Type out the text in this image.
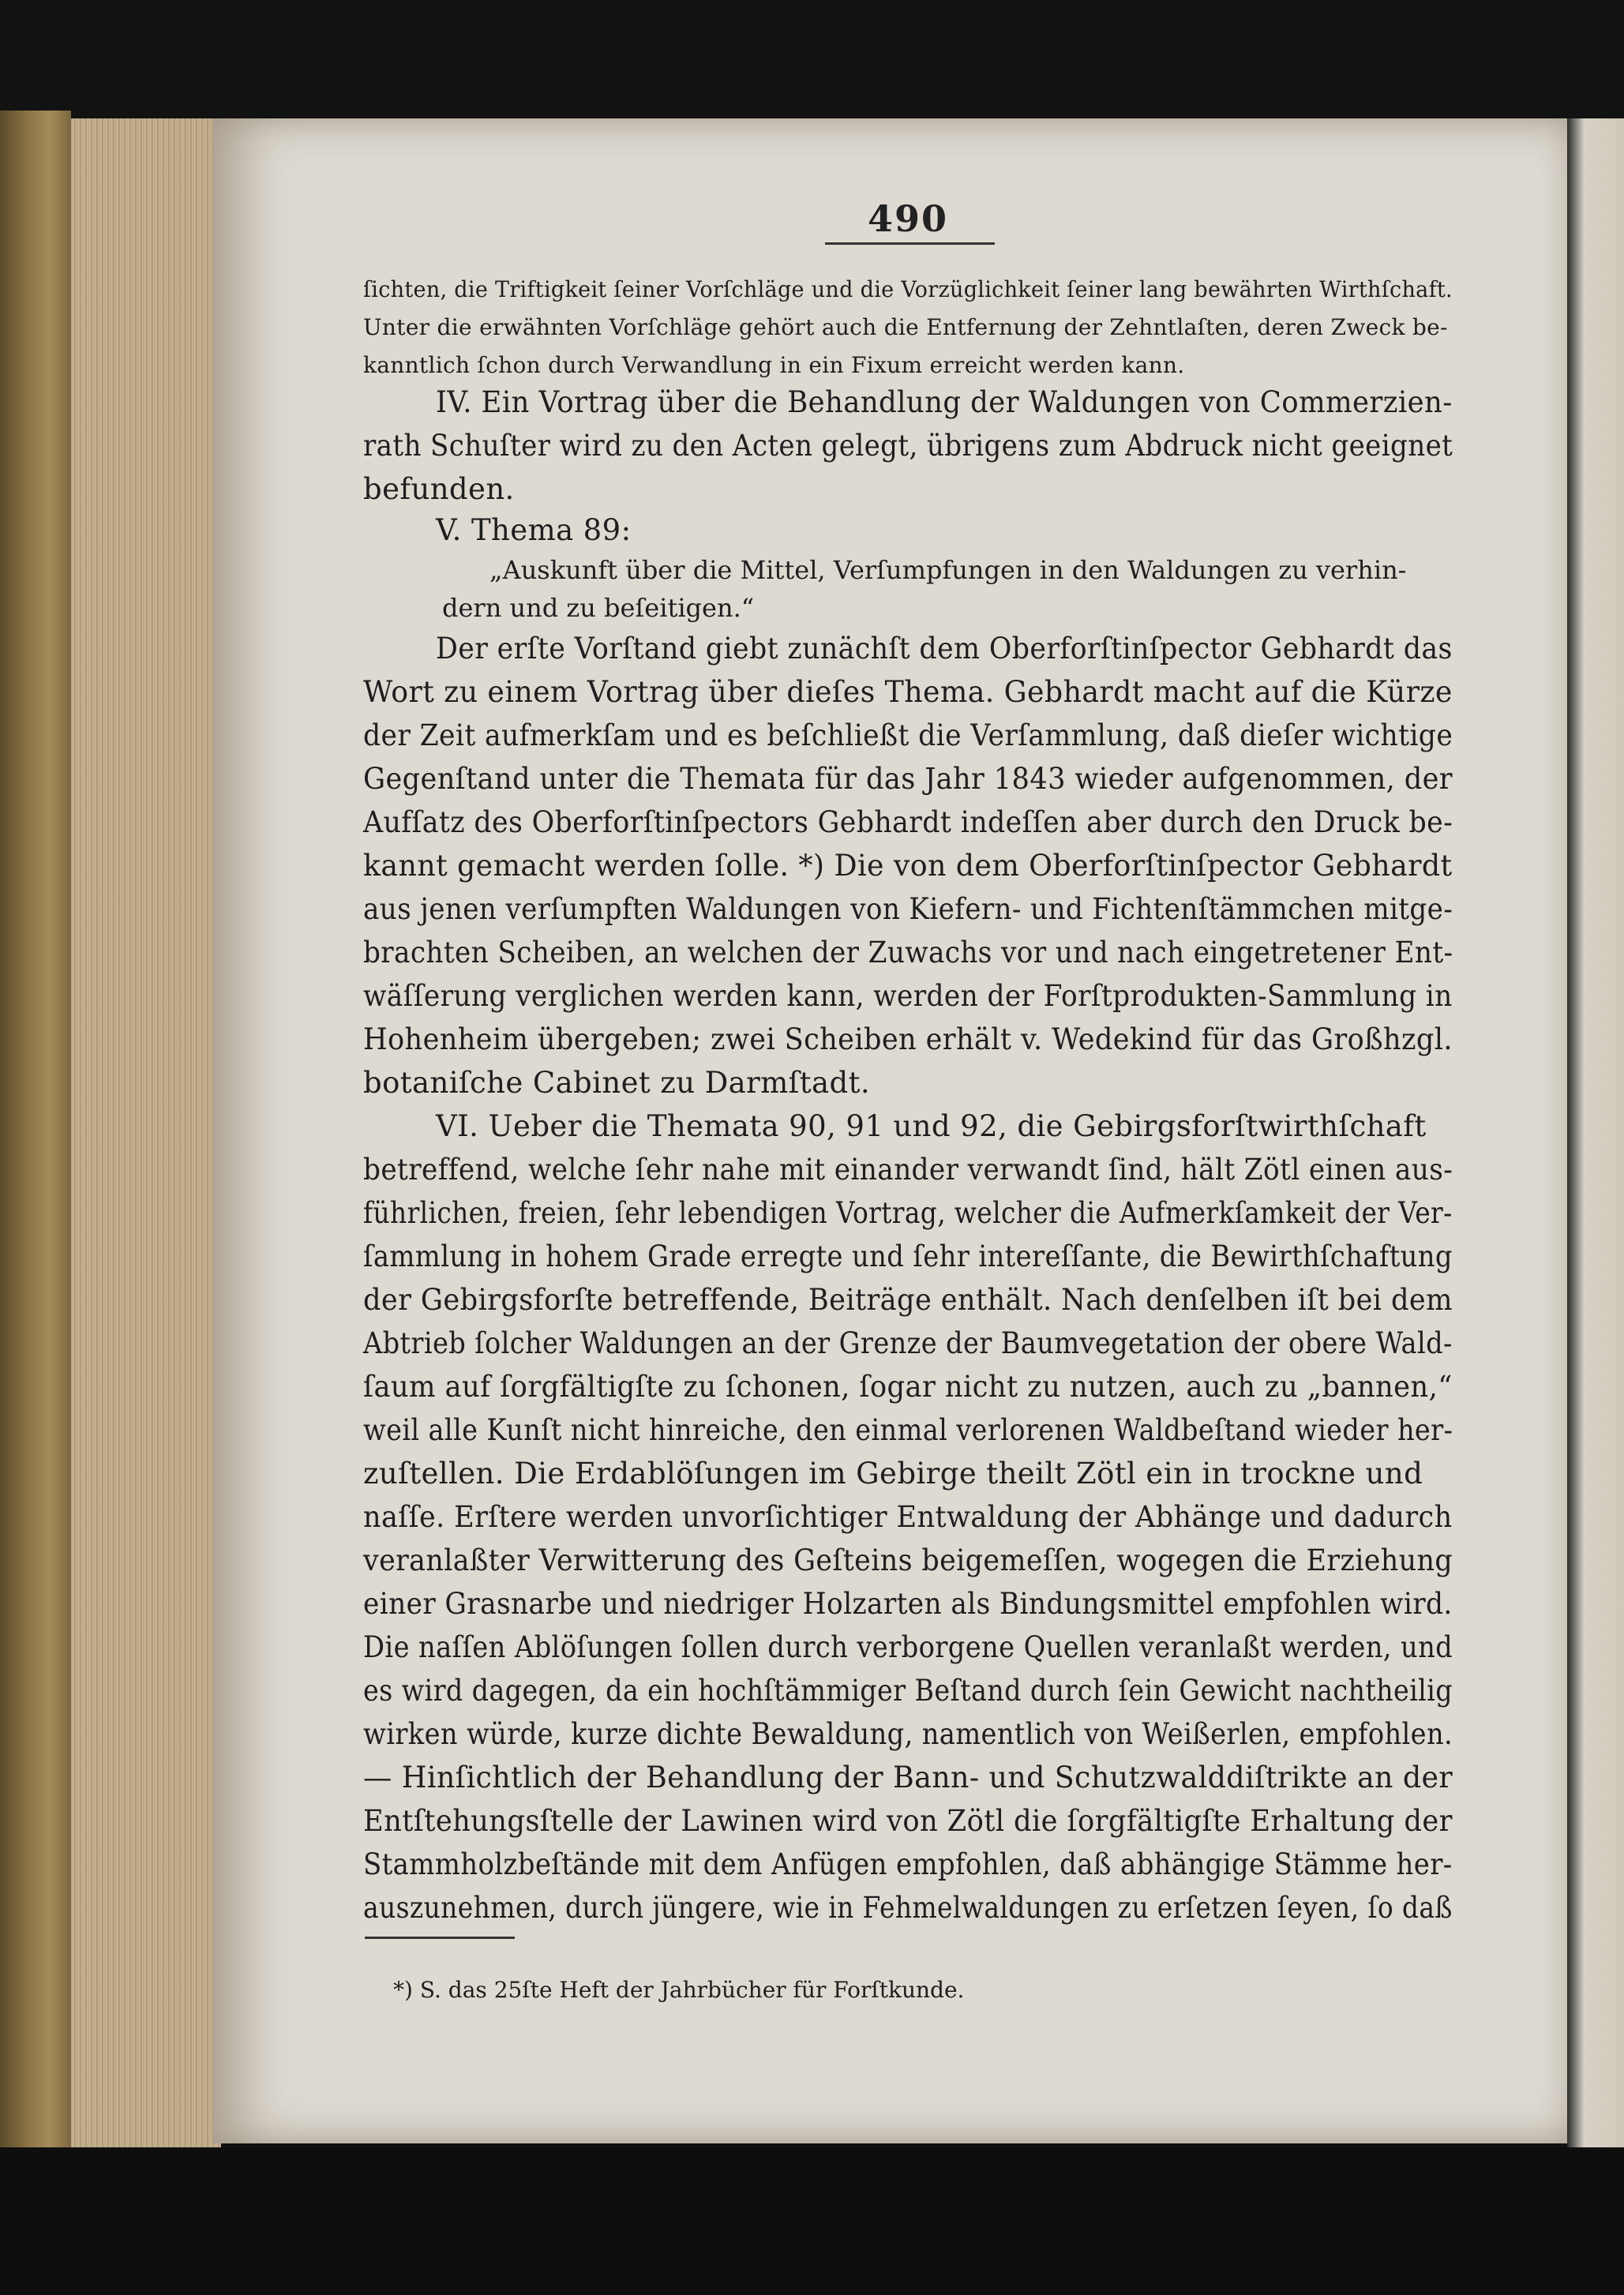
490
ſichten, die Triftigkeit ſeiner Vorſchläge und die Vorzüglichkeit ſeiner lang bewährten Wirthſchaft.
Unter die erwähnten Vorſchläge gehört auch die Entfernung der Zehntlaſten, deren Zweck be-
kanntlich ſchon durch Verwandlung in ein Fixum erreicht werden kann.
IV. Ein Vortrag über die Behandlung der Waldungen von Commerzien-
rath Schuſter wird zu den Acten gelegt, übrigens zum Abdruck nicht geeignet
befunden.
V. Thema 89:
„Auskunft über die Mittel, Verſumpfungen in den Waldungen zu verhin-
dern und zu beſeitigen.“
Der erſte Vorſtand giebt zunächſt dem Oberforſtinſpector Gebhardt das
Wort zu einem Vortrag über dieſes Thema. Gebhardt macht auf die Kürze
der Zeit aufmerkſam und es beſchließt die Verſammlung, daß dieſer wichtige
Gegenſtand unter die Themata für das Jahr 1843 wieder aufgenommen, der
Aufſatz des Oberforſtinſpectors Gebhardt indeſſen aber durch den Druck be-
kannt gemacht werden ſolle. *) Die von dem Oberforſtinſpector Gebhardt
aus jenen verſumpften Waldungen von Kiefern- und Fichtenſtämmchen mitge-
brachten Scheiben, an welchen der Zuwachs vor und nach eingetretener Ent-
wäſſerung verglichen werden kann, werden der Forſtprodukten-Sammlung in
Hohenheim übergeben; zwei Scheiben erhält v. Wedekind für das Großhzgl.
botaniſche Cabinet zu Darmſtadt.
VI. Ueber die Themata 90, 91 und 92, die Gebirgsforſtwirthſchaft
betreffend, welche ſehr nahe mit einander verwandt ſind, hält Zötl einen aus-
führlichen, freien, ſehr lebendigen Vortrag, welcher die Aufmerkſamkeit der Ver-
ſammlung in hohem Grade erregte und ſehr intereſſante, die Bewirthſchaftung
der Gebirgsforſte betreffende, Beiträge enthält. Nach denſelben iſt bei dem
Abtrieb ſolcher Waldungen an der Grenze der Baumvegetation der obere Wald-
ſaum auf ſorgfältigſte zu ſchonen, ſogar nicht zu nutzen, auch zu „bannen,“
weil alle Kunſt nicht hinreiche, den einmal verlorenen Waldbeſtand wieder her-
zuſtellen. Die Erdablöſungen im Gebirge theilt Zötl ein in trockne und
naſſe. Erſtere werden unvorſichtiger Entwaldung der Abhänge und dadurch
veranlaßter Verwitterung des Geſteins beigemeſſen, wogegen die Erziehung
einer Grasnarbe und niedriger Holzarten als Bindungsmittel empfohlen wird.
Die naſſen Ablöſungen ſollen durch verborgene Quellen veranlaßt werden, und
es wird dagegen, da ein hochſtämmiger Beſtand durch ſein Gewicht nachtheilig
wirken würde, kurze dichte Bewaldung, namentlich von Weißerlen, empfohlen.
— Hinſichtlich der Behandlung der Bann- und Schutzwalddiſtrikte an der
Entſtehungsſtelle der Lawinen wird von Zötl die ſorgfältigſte Erhaltung der
Stammholzbeſtände mit dem Anfügen empfohlen, daß abhängige Stämme her-
auszunehmen, durch jüngere, wie in Fehmelwaldungen zu erſetzen ſeyen, ſo daß
*) S. das 25ſte Heft der Jahrbücher für Forſtkunde.
